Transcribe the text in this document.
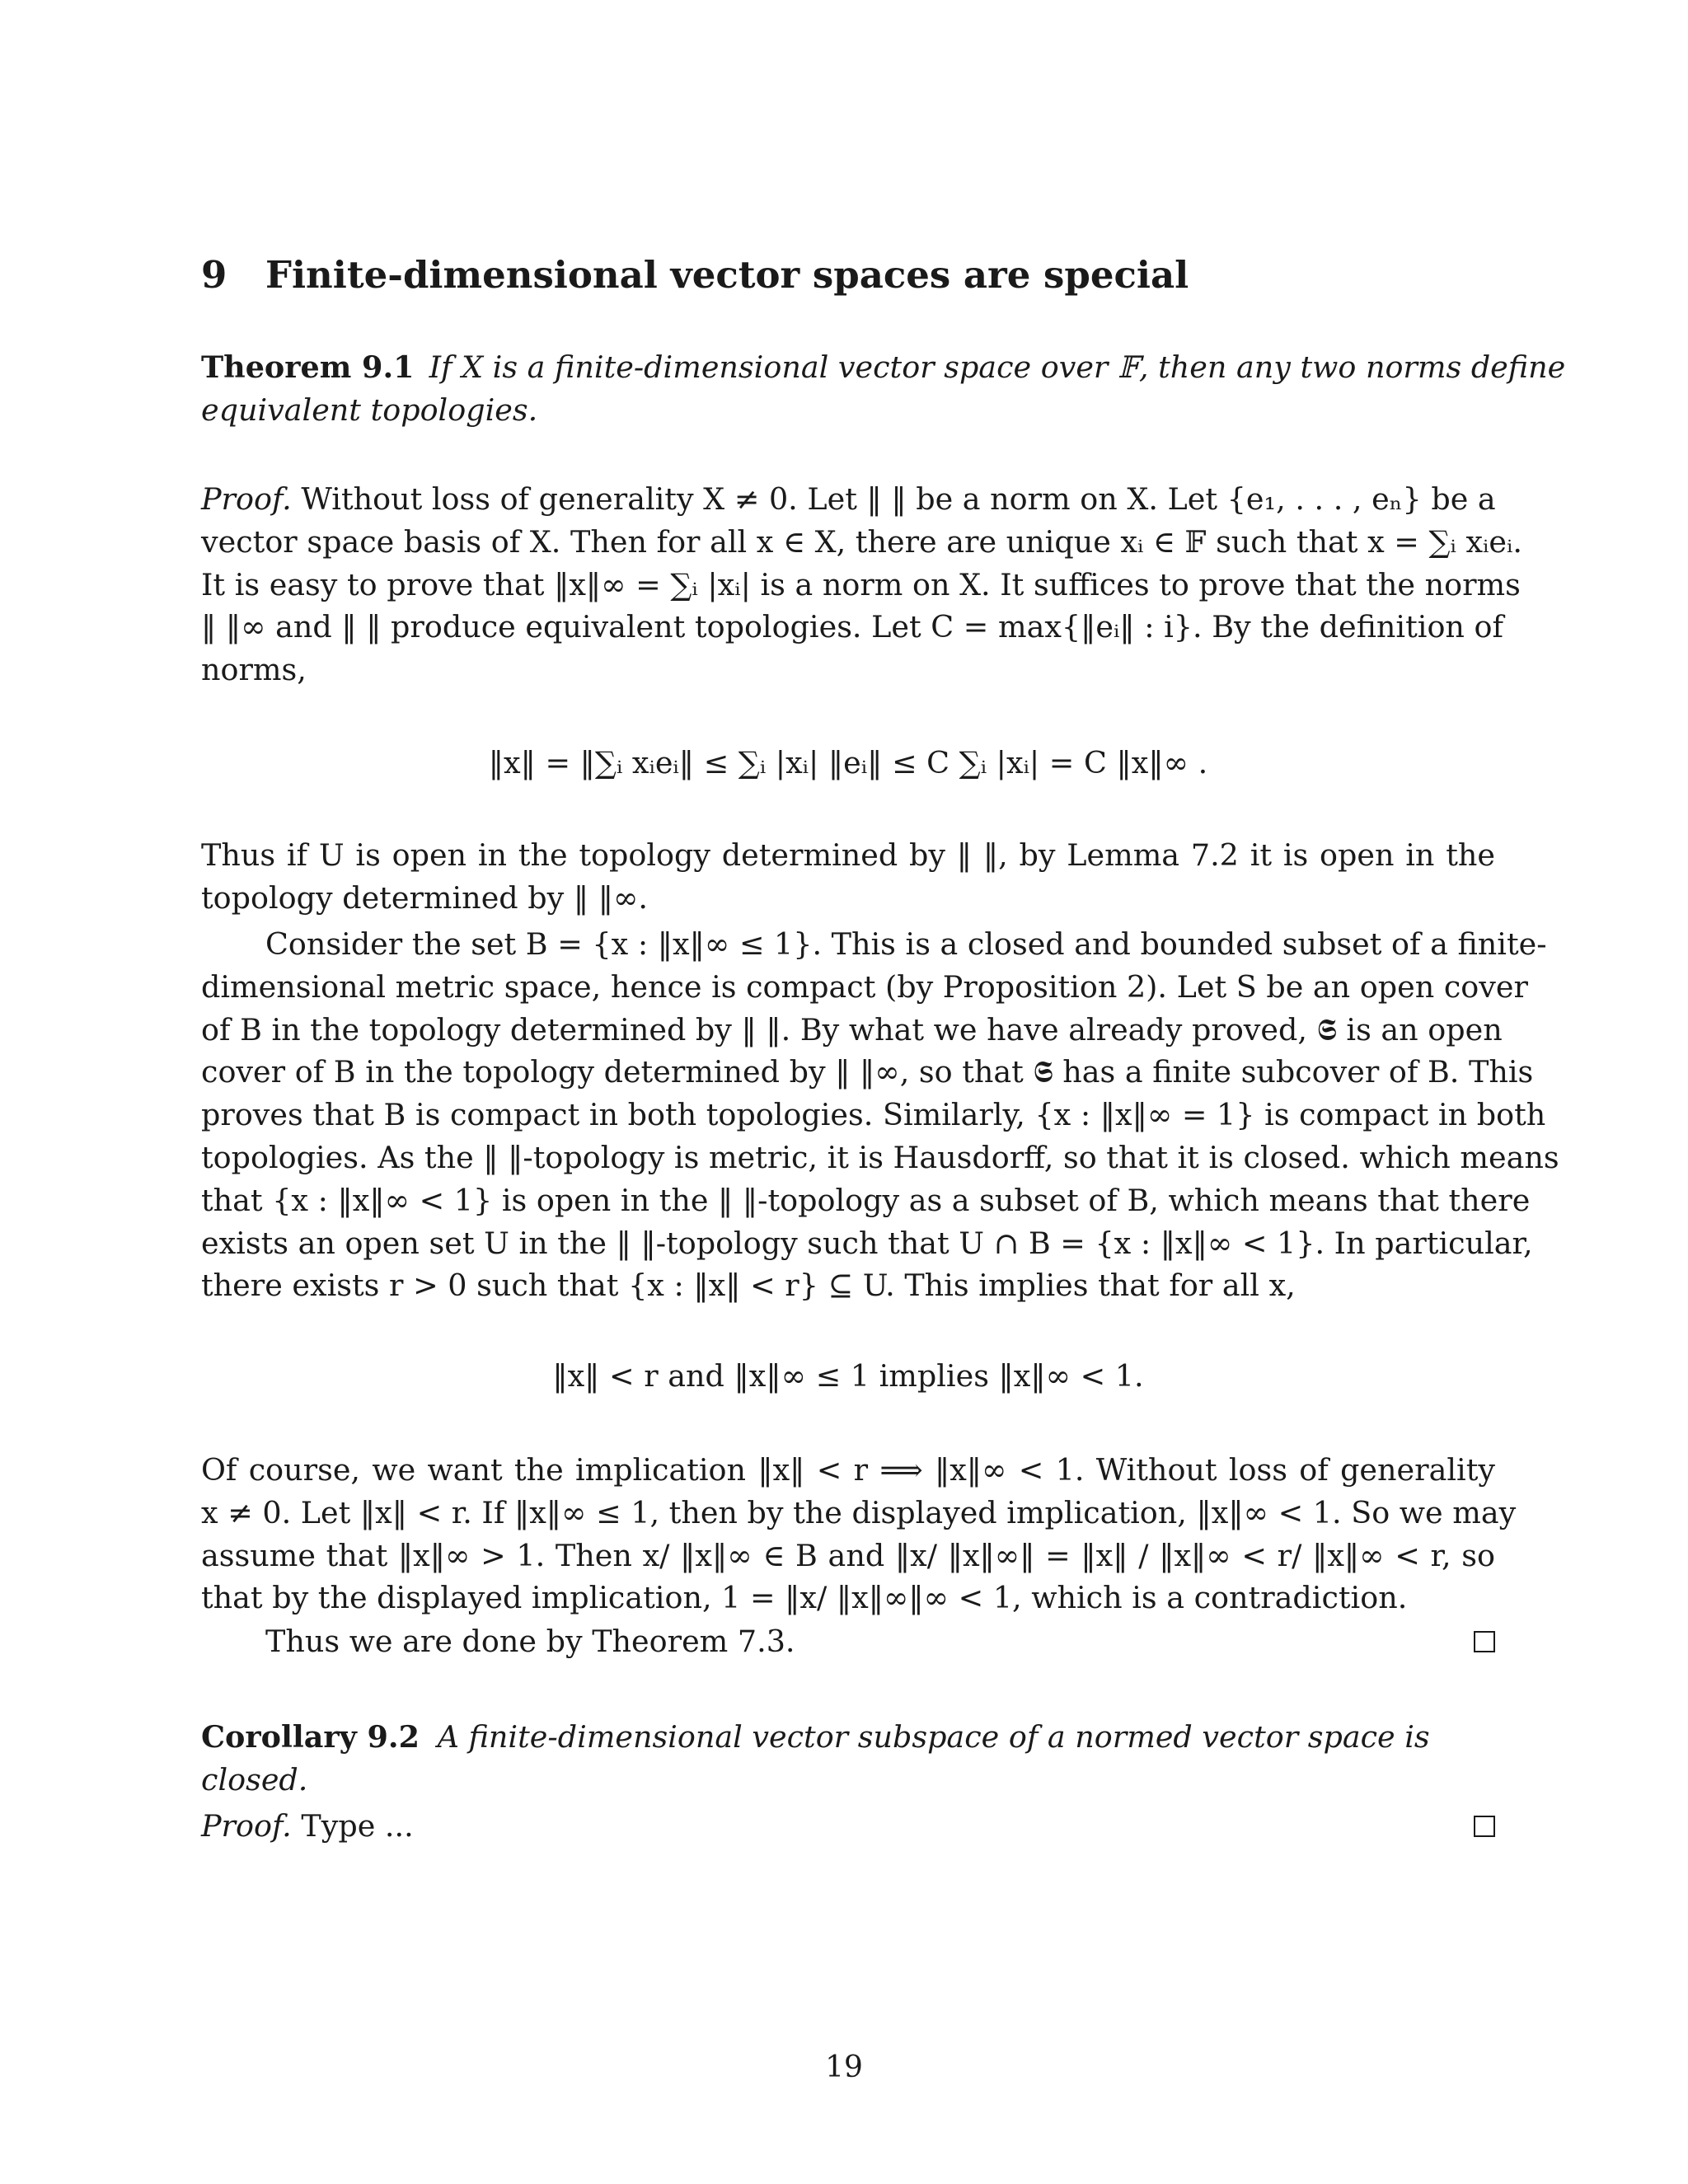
9 Finite-dimensional vector spaces are special
Theorem 9.1 If X is a finite-dimensional vector space over 𝔽, then any two norms define
equivalent topologies.
Proof. Without loss of generality X ≠ 0. Let ‖ ‖ be a norm on X. Let {e₁, . . . , eₙ} be a
vector space basis of X. Then for all x ∈ X, there are unique xᵢ ∈ 𝔽 such that x = ∑ᵢ xᵢeᵢ.
It is easy to prove that ‖x‖∞ = ∑ᵢ |xᵢ| is a norm on X. It suffices to prove that the norms
‖ ‖∞ and ‖ ‖ produce equivalent topologies. Let C = max{‖eᵢ‖ : i}. By the definition of
norms,
‖x‖ = ‖∑ᵢ xᵢeᵢ‖ ≤ ∑ᵢ |xᵢ| ‖eᵢ‖ ≤ C ∑ᵢ |xᵢ| = C ‖x‖∞ .
Thus if U is open in the topology determined by ‖ ‖, by Lemma 7.2 it is open in the
topology determined by ‖ ‖∞.
Consider the set B = {x : ‖x‖∞ ≤ 1}. This is a closed and bounded subset of a finite-
dimensional metric space, hence is compact (by Proposition 2). Let S be an open cover
of B in the topology determined by ‖ ‖. By what we have already proved, 𝕾 is an open
cover of B in the topology determined by ‖ ‖∞, so that 𝕾 has a finite subcover of B. This
proves that B is compact in both topologies. Similarly, {x : ‖x‖∞ = 1} is compact in both
topologies. As the ‖ ‖-topology is metric, it is Hausdorff, so that it is closed. which means
that {x : ‖x‖∞ < 1} is open in the ‖ ‖-topology as a subset of B, which means that there
exists an open set U in the ‖ ‖-topology such that U ∩ B = {x : ‖x‖∞ < 1}. In particular,
there exists r > 0 such that {x : ‖x‖ < r} ⊆ U. This implies that for all x,
‖x‖ < r and ‖x‖∞ ≤ 1 implies ‖x‖∞ < 1.
Of course, we want the implication ‖x‖ < r ⟹ ‖x‖∞ < 1. Without loss of generality
x ≠ 0. Let ‖x‖ < r. If ‖x‖∞ ≤ 1, then by the displayed implication, ‖x‖∞ < 1. So we may
assume that ‖x‖∞ > 1. Then x/ ‖x‖∞ ∈ B and ‖x/ ‖x‖∞‖ = ‖x‖ / ‖x‖∞ < r/ ‖x‖∞ < r, so
that by the displayed implication, 1 = ‖x/ ‖x‖∞‖∞ < 1, which is a contradiction.
Thus we are done by Theorem 7.3.
Corollary 9.2 A finite-dimensional vector subspace of a normed vector space is closed.
Proof. Type ...
19
